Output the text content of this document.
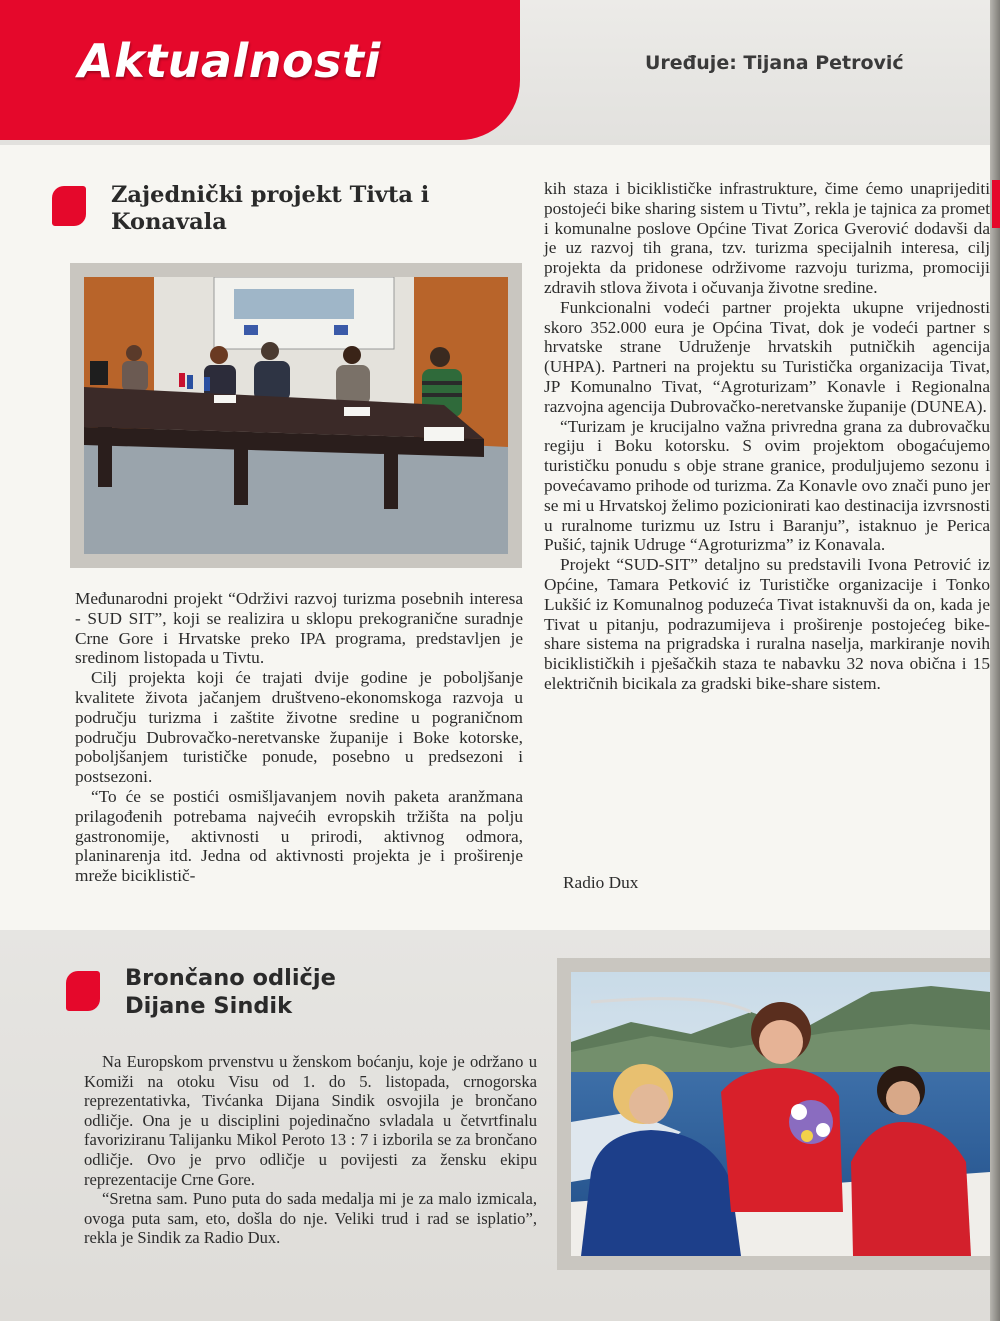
Aktualnosti	Uređuje: Tijana Petrović
Zajednički projekt Tivta i
Konavala

Međunarodni projekt “Održivi razvoj turizma posebnih interesa - SUD SIT”, koji se realizira u sklopu prekogranične suradnje Crne Gore i Hrvatske preko IPA programa, predstavljen je sredinom listopada u Tivtu.

Cilj projekta koji će trajati dvije godine je poboljšanje kvalitete života jačanjem društveno-ekonomskoga razvoja u području turizma i zaštite životne sredine u pograničnom području Dubrovačko-neretvanske županije i Boke kotorske, poboljšanjem turističke ponude, posebno u predsezoni i postsezoni.

“To će se postići osmišljavanjem novih paketa aranžmana prilagođenih potrebama najvećih evropskih tržišta na polju gastronomije, aktivnosti u prirodi, aktivnog odmora, planinarenja itd. Jedna od aktivnosti projekta je i proširenje mreže biciklistič-

kih staza i biciklističke infrastrukture, čime ćemo unaprijediti postojeći bike sharing sistem u Tivtu”, rekla je tajnica za promet i komunalne poslove Općine Tivat Zorica Gverović dodavši da je uz razvoj tih grana, tzv. turizma specijalnih interesa, cilj projekta da pridonese održivome razvoju turizma, promociji zdravih stlova života i očuvanja životne sredine.

Funkcionalni vodeći partner projekta ukupne vrijednosti skoro 352.000 eura je Općina Tivat, dok je vodeći partner s hrvatske strane Udruženje hrvatskih putničkih agencija (UHPA). Partneri na projektu su Turistička organizacija Tivat, JP Komunalno Tivat, “Agroturizam” Konavle i Regionalna razvojna agencija Dubrovačko-neretvanske županije (DUNEA).

“Turizam je krucijalno važna privredna grana za dubrovačku regiju i Boku kotorsku. S ovim projektom obogaćujemo turističku ponudu s obje strane granice, produljujemo sezonu i povećavamo prihode od turizma. Za Konavle ovo znači puno jer se mi u Hrvatskoj želimo pozicionirati kao destinacija izvrsnosti u ruralnome turizmu uz Istru i Baranju”, istaknuo je Perica Pušić, tajnik Udruge “Agroturizma” iz Konavala.

Projekt “SUD-SIT” detaljno su predstavili Ivona Petrović iz Općine, Tamara Petković iz Turističke organizacije i Tonko Lukšić iz Komunalnog poduzeća Tivat istaknuvši da on, kada je Tivat u pitanju, podrazumijeva i proširenje postojećeg bike-share sistema na prigradska i ruralna naselja, markiranje novih biciklističkih i pješačkih staza te nabavku 32 nova obična i 15 električnih bicikala za gradski bike-share sistem.

Radio Dux
Brončano odličje
Dijane Sindik

Na Europskom prvenstvu u ženskom boćanju, koje je održano u Komiži na otoku Visu od 1. do 5. listopada, crnogorska reprezentativka, Tivćanka Dijana Sindik osvojila je brončano odličje. Ona je u disciplini pojedinačno svladala u četvrtfinalu favoriziranu Talijanku Mikol Peroto 13 : 7 i izborila se za brončano odličje. Ovo je prvo odličje u povijesti za žensku ekipu reprezentacije Crne Gore.

“Sretna sam. Puno puta do sada medalja mi je za malo izmicala, ovoga puta sam, eto, došla do nje. Veliki trud i rad se isplatio”, rekla je Sindik za Radio Dux.
